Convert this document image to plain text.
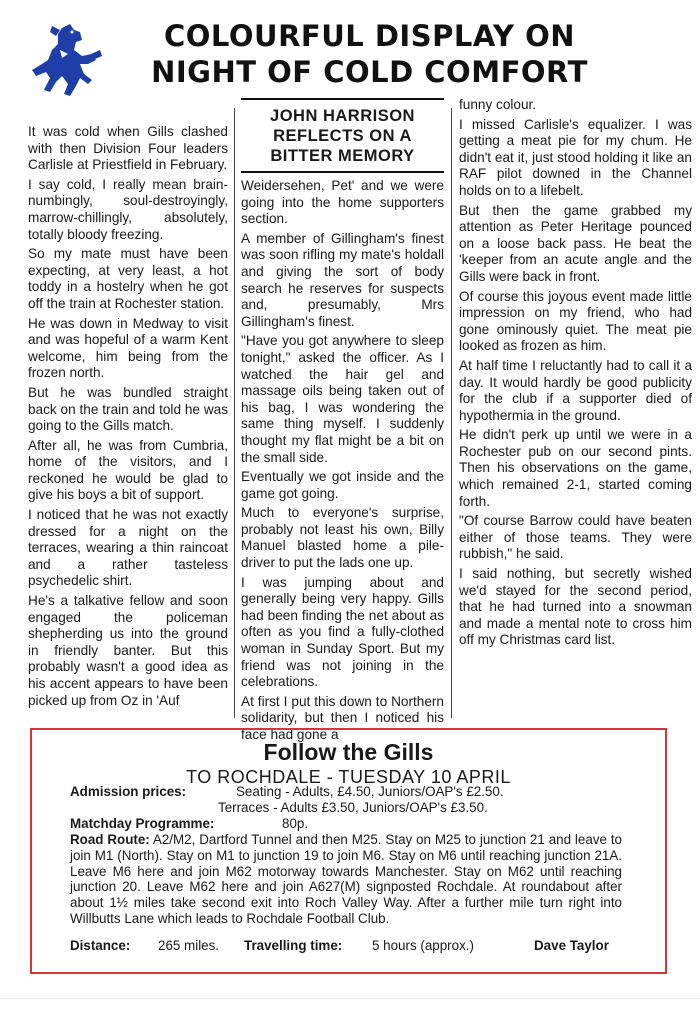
COLOURFUL DISPLAY ON
NIGHT OF COLD COMFORT
JOHN HARRISON
REFLECTS ON A
BITTER MEMORY

It was cold when Gills clashed with then Division Four leaders Carlisle at Priestfield in February.

I say cold, I really mean brain-numbingly, soul-destroyingly, marrow-chillingly, absolutely, totally bloody freezing.

So my mate must have been expecting, at very least, a hot toddy in a hostelry when he got off the train at Rochester station.

He was down in Medway to visit and was hopeful of a warm Kent welcome, him being from the frozen north.

But he was bundled straight back on the train and told he was going to the Gills match.

After all, he was from Cumbria, home of the visitors, and I reckoned he would be glad to give his boys a bit of support.

I noticed that he was not exactly dressed for a night on the terraces, wearing a thin raincoat and a rather tasteless psychedelic shirt.

He's a talkative fellow and soon engaged the policeman shepherding us into the ground in friendly banter. But this probably wasn't a good idea as his accent appears to have been picked up from Oz in 'Auf

Weidersehen, Pet' and we were going into the home supporters section.

A member of Gillingham's finest was soon rifling my mate's holdall and giving the sort of body search he reserves for suspects and, presumably, Mrs Gillingham's finest.

"Have you got anywhere to sleep tonight," asked the officer. As I watched the hair gel and massage oils being taken out of his bag, I was wondering the same thing myself. I suddenly thought my flat might be a bit on the small side.

Eventually we got inside and the game got going.

Much to everyone's surprise, probably not least his own, Billy Manuel blasted home a pile-driver to put the lads one up.

I was jumping about and generally being very happy. Gills had been finding the net about as often as you find a fully-clothed woman in Sunday Sport. But my friend was not joining in the celebrations.

At first I put this down to Northern solidarity, but then I noticed his face had gone a

funny colour.

I missed Carlisle's equalizer. I was getting a meat pie for my chum. He didn't eat it, just stood holding it like an RAF pilot downed in the Channel holds on to a lifebelt.

But then the game grabbed my attention as Peter Heritage pounced on a loose back pass. He beat the 'keeper from an acute angle and the Gills were back in front.

Of course this joyous event made little impression on my friend, who had gone ominously quiet. The meat pie looked as frozen as him.

At half time I reluctantly had to call it a day. It would hardly be good publicity for the club if a supporter died of hypothermia in the ground.

He didn't perk up until we were in a Rochester pub on our second pints. Then his observations on the game, which remained 2-1, started coming forth.

"Of course Barrow could have beaten either of those teams. They were rubbish," he said.

I said nothing, but secretly wished we'd stayed for the second period, that he had turned into a snowman and made a mental note to cross him off my Christmas card list.

Follow the Gills
TO ROCHDALE - TUESDAY 10 APRIL
Admission prices:	Seating - Adults, £4.50, Juniors/OAP's £2.50.
Terraces - Adults £3.50, Juniors/OAP's £3.50.
Matchday Programme:	80p.
Road Route: A2/M2, Dartford Tunnel and then M25. Stay on M25 to junction 21 and leave to join M1 (North). Stay on M1 to junction 19 to join M6. Stay on M6 until reaching junction 21A. Leave M6 here and join M62 motorway towards Manchester. Stay on M62 until reaching junction 20. Leave M62 here and join A627(M) signposted Rochdale. At roundabout after about 1½ miles take second exit into Roch Valley Way. After a further mile turn right into Willbutts Lane which leads to Rochdale Football Club.
Distance: 265 miles. Travelling time: 5 hours (approx.)	Dave Taylor
